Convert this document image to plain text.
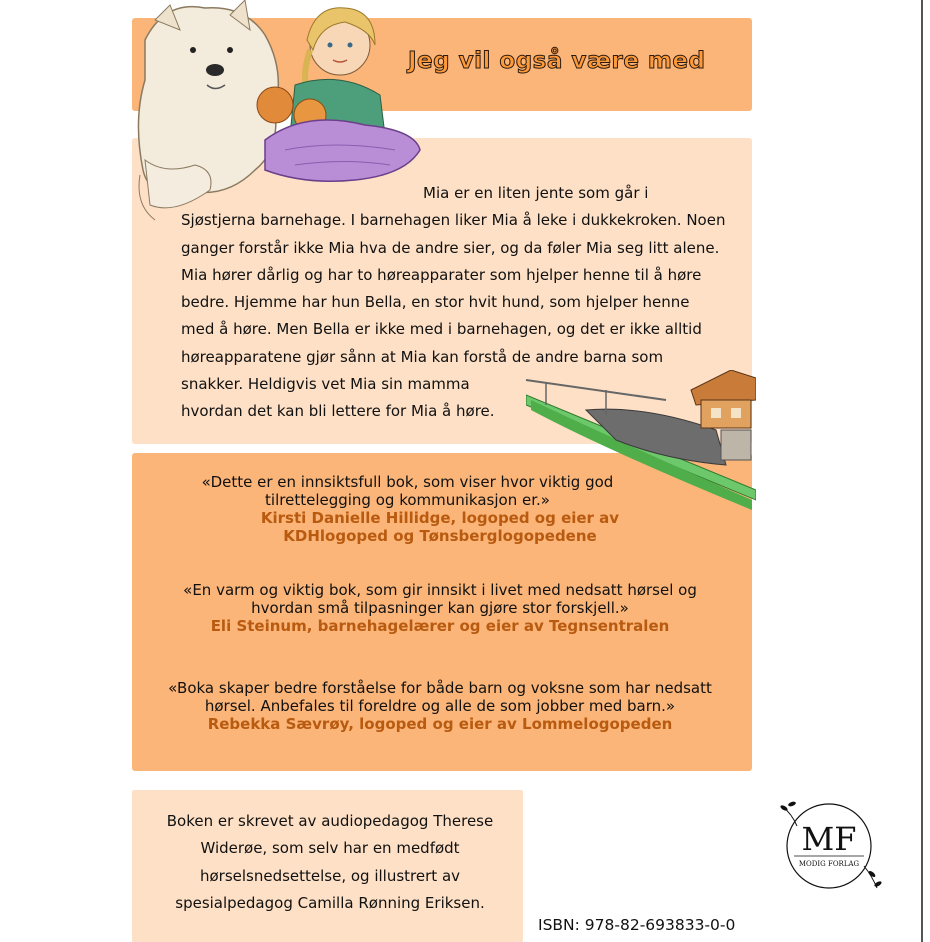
Jeg vil også være med
Mia er en liten jente som går i
Sjøstjerna barnehage. I barnehagen liker Mia å leke i dukkekroken. Noen ganger forstår ikke Mia hva de andre sier, og da føler Mia seg litt alene. Mia hører dårlig og har to høreapparater som hjelper henne til å høre bedre. Hjemme har hun Bella, en stor hvit hund, som hjelper henne med å høre. Men Bella er ikke med i barnehagen, og det er ikke alltid høreapparatene gjør sånn at Mia kan forstå de andre barna som snakker. Heldigvis vet Mia sin mamma
hvordan det kan bli lettere for Mia å høre.
«Dette er en innsiktsfull bok, som viser hvor viktig god tilrettelegging og kommunikasjon er.»
Kirsti Danielle Hillidge, logoped og eier av KDHlogoped og Tønsberglogopedene
«En varm og viktig bok, som gir innsikt i livet med nedsatt hørsel og hvordan små tilpasninger kan gjøre stor forskjell.»
Eli Steinum, barnehagelærer og eier av Tegnsentralen
«Boka skaper bedre forståelse for både barn og voksne som har nedsatt hørsel. Anbefales til foreldre og alle de som jobber med barn.»
Rebekka Sævrøy, logoped og eier av Lommelogopeden
Boken er skrevet av audiopedagog Therese Widerøe, som selv har en medfødt hørselsnedsettelse, og illustrert av spesialpedagog Camilla Rønning Eriksen.
ISBN: 978-82-693833-0-0
MF
MODIG FORLAG
